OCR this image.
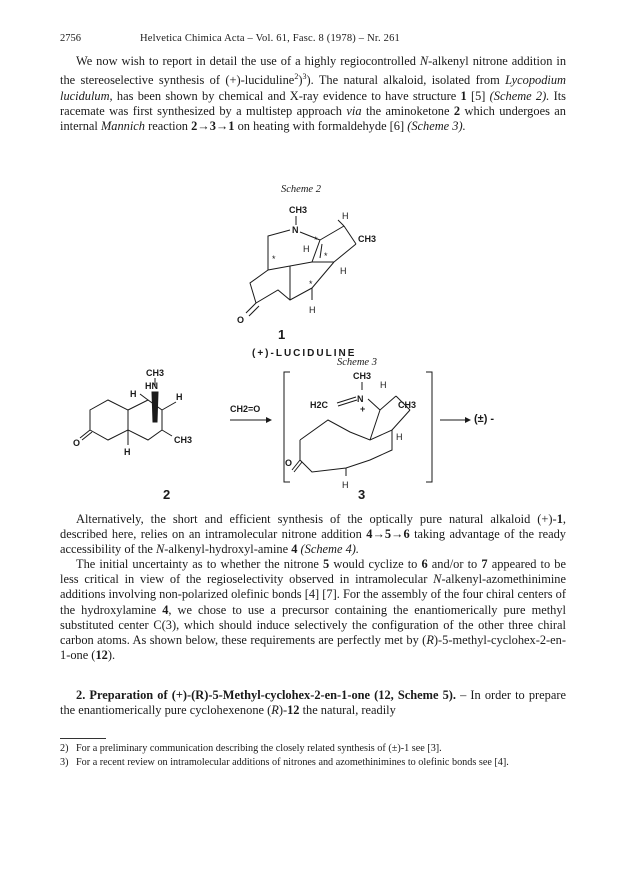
2756	Helvetica Chimica Acta – Vol. 61, Fasc. 8 (1978) – Nr. 261

We now wish to report in detail the use of a highly regiocontrolled N-alkenyl nitrone addition in the stereoselective synthesis of (+)-luciduline$^2$)$^3$). The natural alkaloid, isolated from Lycopodium lucidulum, has been shown by chemical and X-ray evidence to have structure 1 [5] (Scheme 2). Its racemate was first synthesized by a multistep approach via the aminoketone 2 which undergoes an internal Mannich reaction 2→3→1 on heating with formaldehyde [6] (Scheme 3).

Scheme 2
CH3
N
H
H
CH3
H
O
H
*
*	*
*
CH3
HN
H	H
O	CH3
H
CH3
N
H2C	+
H
CH3
H
O
H
1
(+)-LUCIDULINE
Scheme 3
CH2=O
(±) -
2	3

Alternatively, the short and efficient synthesis of the optically pure natural alkaloid (+)-1, described here, relies on an intramolecular nitrone addition 4→5→6 taking advantage of the ready accessibility of the N-alkenyl-hydroxyl-amine 4 (Scheme 4).

The initial uncertainty as to whether the nitrone 5 would cyclize to 6 and/or to 7 appeared to be less critical in view of the regioselectivity observed in intramolecular N-alkenyl-azomethinimine additions involving non-polarized olefinic bonds [4] [7]. For the assembly of the four chiral centers of the hydroxylamine 4, we chose to use a precursor containing the enantiomerically pure methyl substituted center C(3), which should induce selectively the configuration of the other three chiral carbon atoms. As shown below, these requirements are perfectly met by (R)-5-methyl-cyclohex-2-en-1-one (12).

2. Preparation of (+)-(R)-5-Methyl-cyclohex-2-en-1-one (12, Scheme 5). – In order to prepare the enantiomerically pure cyclohexenone (R)-12 the natural, readily

2) For a preliminary communication describing the closely related synthesis of (±)-1 see [3].
3) For a recent review on intramolecular additions of nitrones and azomethinimines to olefinic bonds see [4].
